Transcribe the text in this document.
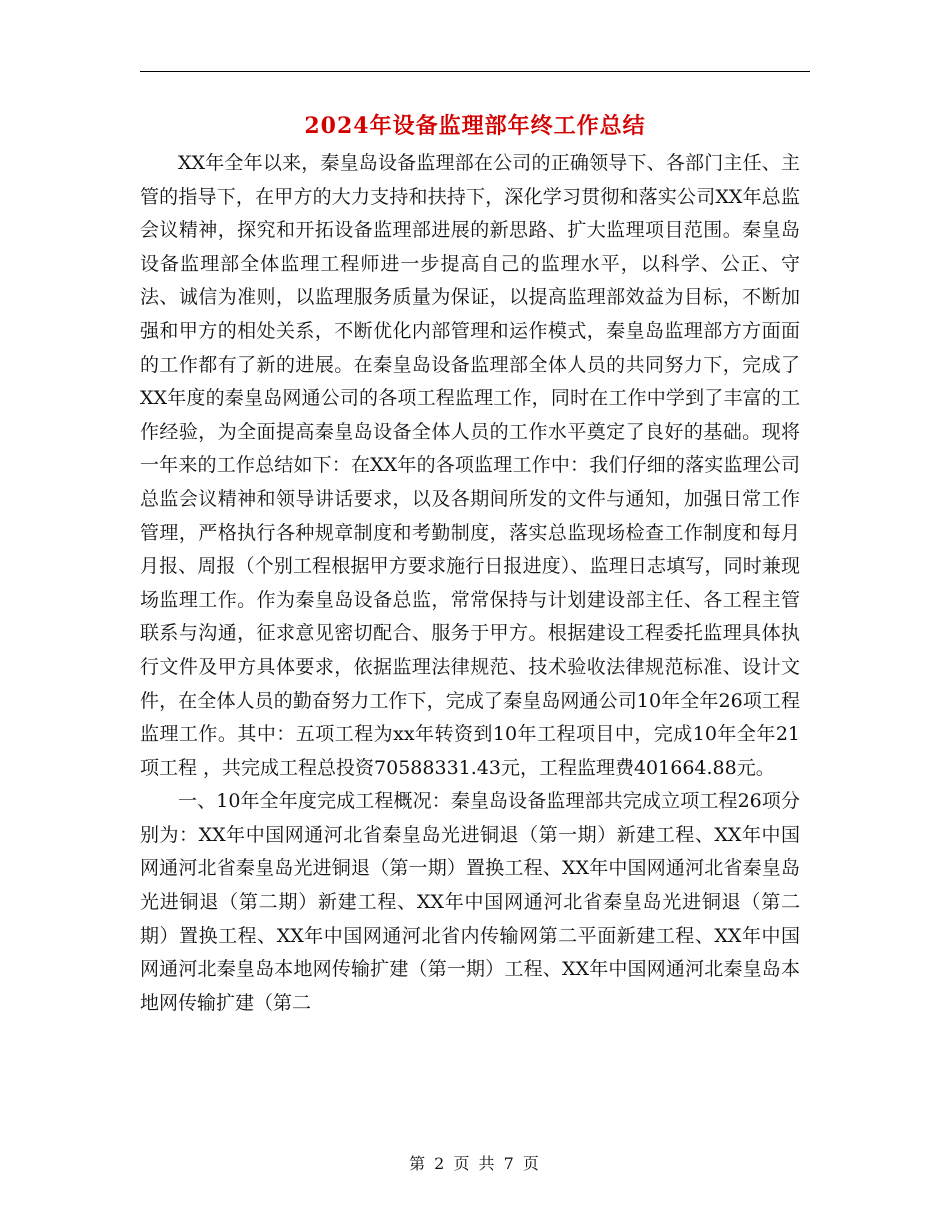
2024年设备监理部年终工作总结

XX年全年以来，秦皇岛设备监理部在公司的正确领导下、各部门主任、主管的指导下，在甲方的大力支持和扶持下，深化学习贯彻和落实公司XX年总监会议精神，探究和开拓设备监理部进展的新思路、扩大监理项目范围。秦皇岛设备监理部全体监理工程师进一步提高自己的监理水平，以科学、公正、守法、诚信为准则，以监理服务质量为保证，以提高监理部效益为目标，不断加强和甲方的相处关系，不断优化内部管理和运作模式，秦皇岛监理部方方面面的工作都有了新的进展。在秦皇岛设备监理部全体人员的共同努力下，完成了XX年度的秦皇岛网通公司的各项工程监理工作，同时在工作中学到了丰富的工作经验，为全面提高秦皇岛设备全体人员的工作水平奠定了良好的基础。现将一年来的工作总结如下：在XX年的各项监理工作中：我们仔细的落实监理公司总监会议精神和领导讲话要求，以及各期间所发的文件与通知，加强日常工作管理，严格执行各种规章制度和考勤制度，落实总监现场检查工作制度和每月月报、周报（个别工程根据甲方要求施行日报进度）、监理日志填写，同时兼现场监理工作。作为秦皇岛设备总监，常常保持与计划建设部主任、各工程主管联系与沟通，征求意见密切配合、服务于甲方。根据建设工程委托监理具体执行文件及甲方具体要求，依据监理法律规范、技术验收法律规范标准、设计文件，在全体人员的勤奋努力工作下，完成了秦皇岛网通公司10年全年26项工程监理工作。其中：五项工程为xx年转资到10年工程项目中，完成10年全年21项工程 ，共完成工程总投资70588331.43元，工程监理费401664.88元。

一、10年全年度完成工程概况：秦皇岛设备监理部共完成立项工程26项分别为：XX年中国网通河北省秦皇岛光进铜退（第一期）新建工程、XX年中国网通河北省秦皇岛光进铜退（第一期）置换工程、XX年中国网通河北省秦皇岛光进铜退（第二期）新建工程、XX年中国网通河北省秦皇岛光进铜退（第二期）置换工程、XX年中国网通河北省内传输网第二平面新建工程、XX年中国网通河北秦皇岛本地网传输扩建（第一期）工程、XX年中国网通河北秦皇岛本地网传输扩建（第二

第 2 页 共 7 页
